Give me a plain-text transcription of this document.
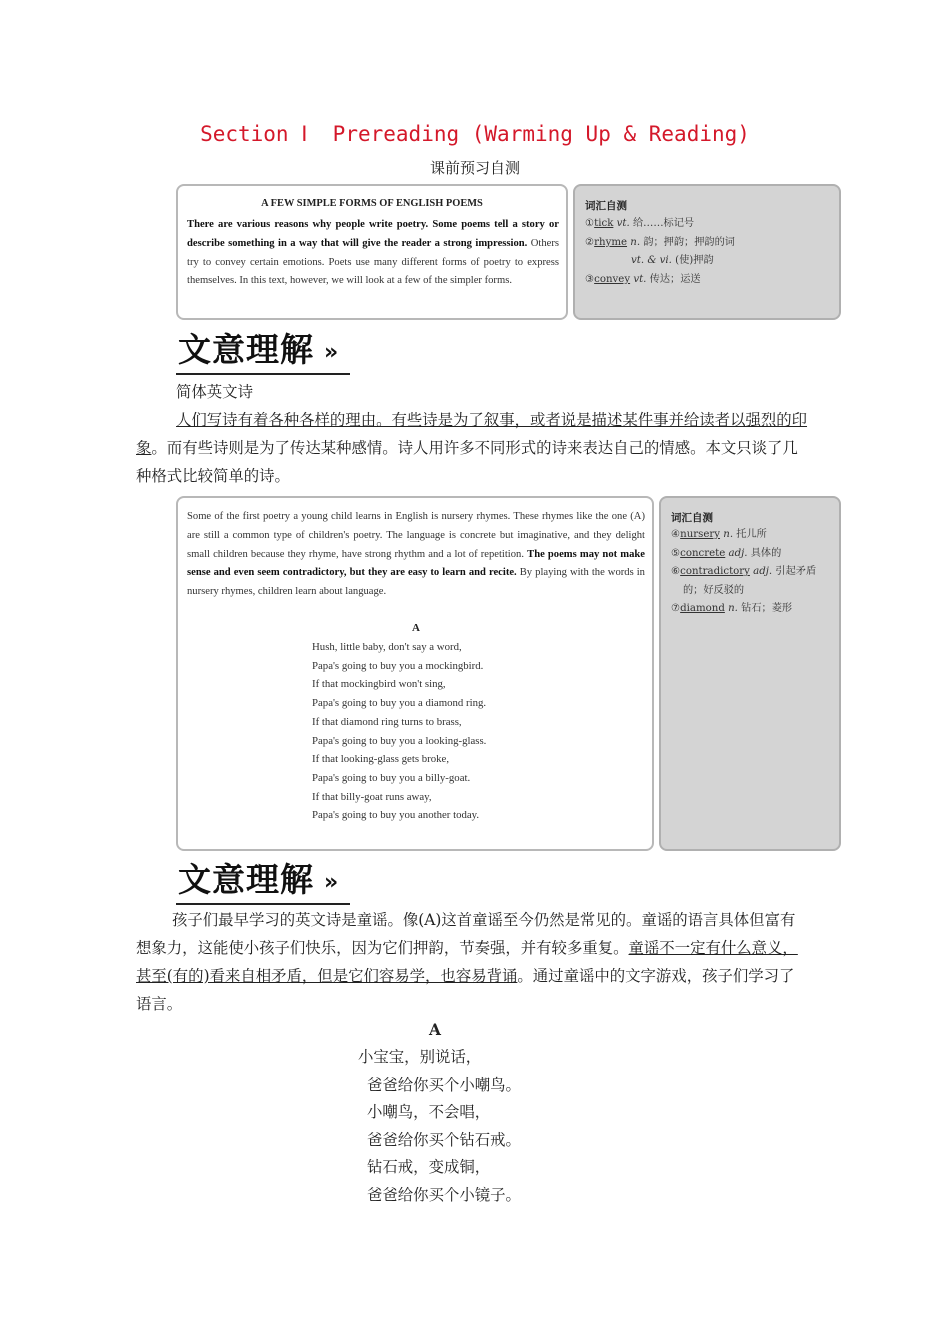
Section Ⅰ  Prereading (Warming Up & Reading)
课前预习自测
A FEW SIMPLE FORMS OF ENGLISH POEMS
There are various reasons why people write poetry. Some poems tell a story or describe something in a way that will give the reader a strong impression. Others try to convey certain emotions. Poets use many different forms of poetry to express themselves. In this text, however, we will look at a few of the simpler forms.
词汇自测
①tick vt. 给……标记号
②rhyme n. 韵；押韵；押韵的词
vt. & vi. (使)押韵
③convey vt. 传达；运送
文意理解 »
简体英文诗
人们写诗有着各种各样的理由。有些诗是为了叙事，或者说是描述某件事并给读者以强烈的印象。而有些诗则是为了传达某种感情。诗人用许多不同形式的诗来表达自己的情感。本文只谈了几种格式比较简单的诗。
Some of the first poetry a young child learns in English is nursery rhymes. These rhymes like the one (A) are still a common type of children's poetry. The language is concrete but imaginative, and they delight small children because they rhyme, have strong rhythm and a lot of repetition. The poems may not make sense and even seem contradictory, but they are easy to learn and recite. By playing with the words in nursery rhymes, children learn about language.
A
Hush, little baby, don't say a word,
Papa's going to buy you a mockingbird.
If that mockingbird won't sing,
Papa's going to buy you a diamond ring.
If that diamond ring turns to brass,
Papa's going to buy you a looking-glass.
If that looking-glass gets broke,
Papa's going to buy you a billy-goat.
If that billy-goat runs away,
Papa's going to buy you another today.
词汇自测
④nursery n. 托儿所
⑤concrete adj. 具体的
⑥contradictory adj. 引起矛盾
的；好反驳的
⑦diamond n. 钻石；菱形
文意理解 »
孩子们最早学习的英文诗是童谣。像(A)这首童谣至今仍然是常见的。童谣的语言具体但富有想象力，这能使小孩子们快乐，因为它们押韵，节奏强，并有较多重复。童谣不一定有什么意义，甚至(有的)看来自相矛盾，但是它们容易学，也容易背诵。通过童谣中的文字游戏，孩子们学习了语言。
A
小宝宝，别说话，
爸爸给你买个小嘲鸟。
小嘲鸟，不会唱，
爸爸给你买个钻石戒。
钻石戒，变成铜，
爸爸给你买个小镜子。
